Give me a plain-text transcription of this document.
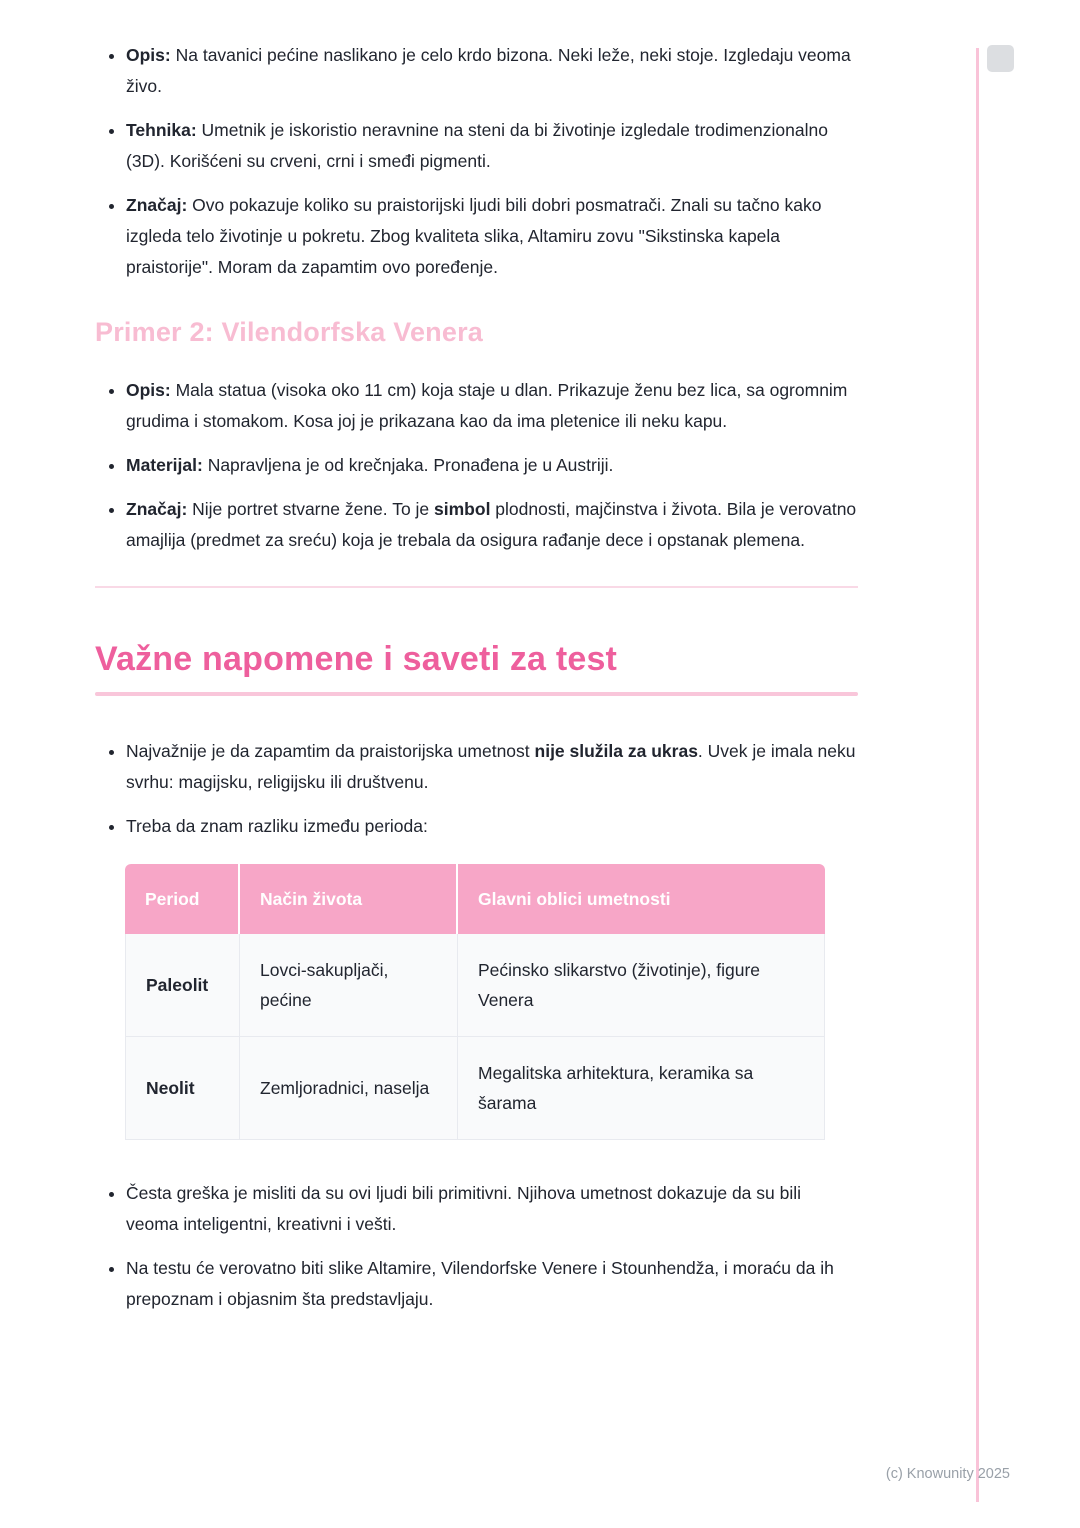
• Opis: Na tavanici pećine naslikano je celo krdo bizona. Neki leže, neki stoje. Izgledaju veoma živo.
• Tehnika: Umetnik je iskoristio neravnine na steni da bi životinje izgledale trodimenzionalno (3D). Korišćeni su crveni, crni i smeđi pigmenti.
• Značaj: Ovo pokazuje koliko su praistorijski ljudi bili dobri posmatrači. Znali su tačno kako izgleda telo životinje u pokretu. Zbog kvaliteta slika, Altamiru zovu "Sikstinska kapela praistorije". Moram da zapamtim ovo poređenje.
Primer 2: Vilendorfska Venera
• Opis: Mala statua (visoka oko 11 cm) koja staje u dlan. Prikazuje ženu bez lica, sa ogromnim grudima i stomakom. Kosa joj je prikazana kao da ima pletenice ili neku kapu.
• Materijal: Napravljena je od krečnjaka. Pronađena je u Austriji.
• Značaj: Nije portret stvarne žene. To je simbol plodnosti, majčinstva i života. Bila je verovatno amajlija (predmet za sreću) koja je trebala da osigura rađanje dece i opstanak plemena.
Važne napomene i saveti za test
• Najvažnije je da zapamtim da praistorijska umetnost nije služila za ukras. Uvek je imala neku svrhu: magijsku, religijsku ili društvenu.
• Treba da znam razliku između perioda:
Period	Način života	Glavni oblici umetnosti
Paleolit	Lovci-sakupljači, pećine	Pećinsko slikarstvo (životinje), figure Venera
Neolit	Zemljoradnici, naselja	Megalitska arhitektura, keramika sa šarama
• Česta greška je misliti da su ovi ljudi bili primitivni. Njihova umetnost dokazuje da su bili veoma inteligentni, kreativni i vešti.
• Na testu će verovatno biti slike Altamire, Vilendorfske Venere i Stounhendža, i moraću da ih prepoznam i objasnim šta predstavljaju.
(c) Knowunity 2025
